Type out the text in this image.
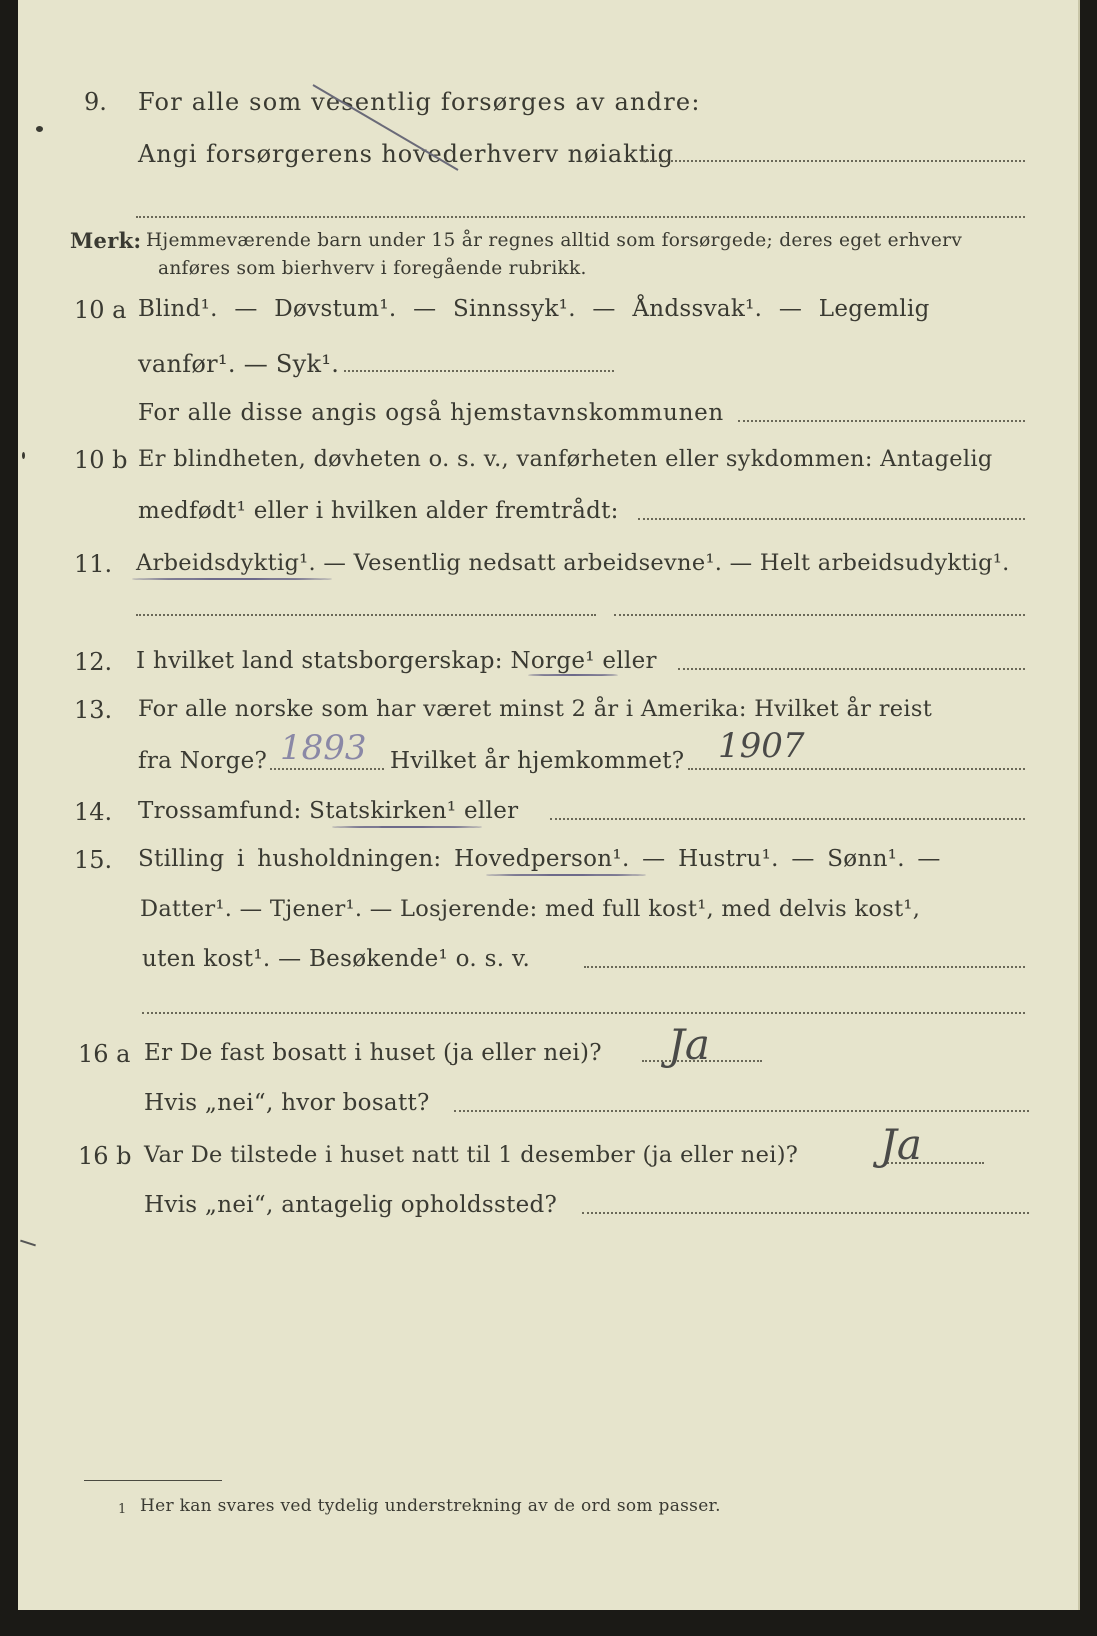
9. For alle som vesentlig forsørges av andre:
Angi forsørgerens hovederhverv nøiaktig
Merk: Hjemmeværende barn under 15 år regnes alltid som forsørgede; deres eget erhverv
anføres som bierhverv i foregående rubrikk.
10 a Blind¹. — Døvstum¹. — Sinnssyk¹. — Åndssvak¹. — Legemlig
vanfør¹. — Syk¹.
For alle disse angis også hjemstavnskommunen
10 b Er blindheten, døvheten o. s. v., vanførheten eller sykdommen: Antagelig
medfødt¹ eller i hvilken alder fremtrådt:
11. Arbeidsdyktig¹. — Vesentlig nedsatt arbeidsevne¹. — Helt arbeidsudyktig¹.
12. I hvilket land statsborgerskap: Norge¹ eller
13. For alle norske som har været minst 2 år i Amerika: Hvilket år reist
fra Norge? 1893 Hvilket år hjemkommet? 1907
14. Trossamfund: Statskirken¹ eller
15. Stilling i husholdningen: Hovedperson¹. — Hustru¹. — Sønn¹. —
Datter¹. — Tjener¹. — Losjerende: med full kost¹, med delvis kost¹,
uten kost¹. — Besøkende¹ o. s. v.
16 a Er De fast bosatt i huset (ja eller nei)? Ja
Hvis „nei“, hvor bosatt?
16 b Var De tilstede i huset natt til 1 desember (ja eller nei)? Ja
Hvis „nei“, antagelig opholdssted?
1 Her kan svares ved tydelig understrekning av de ord som passer.
